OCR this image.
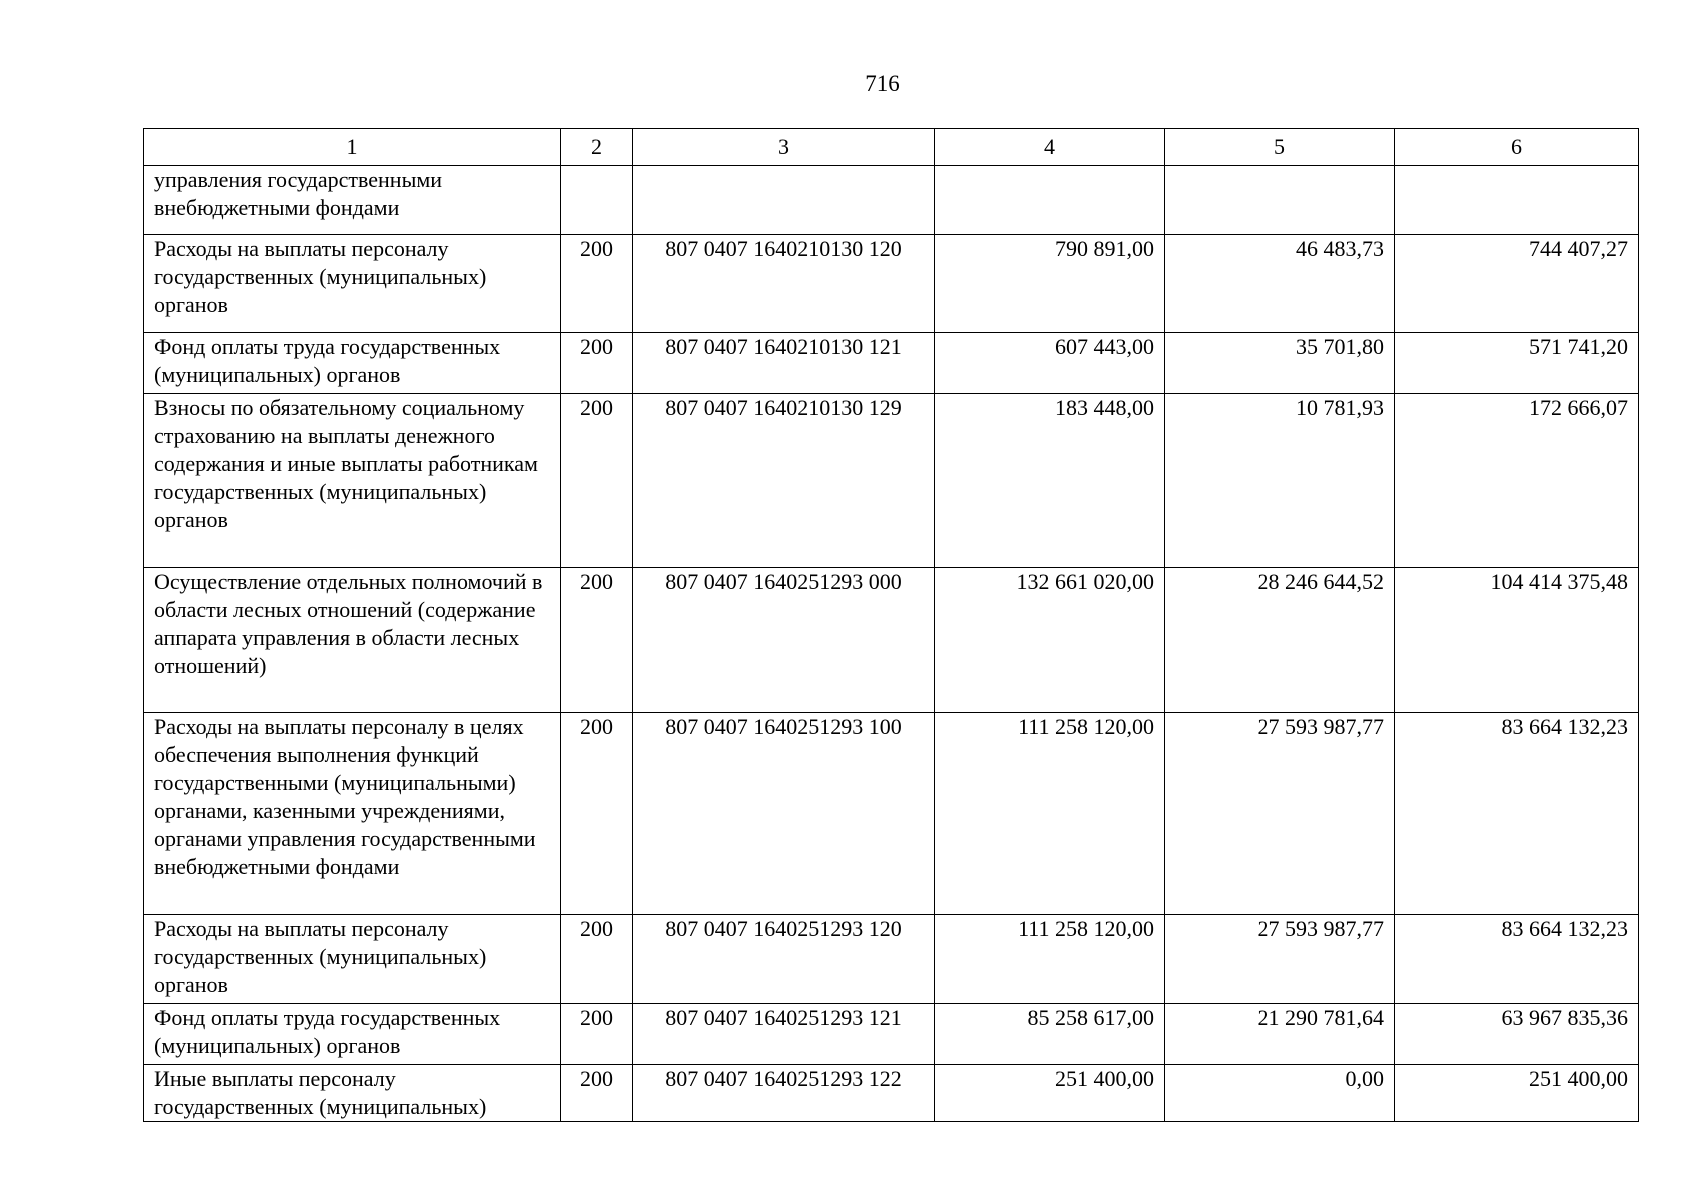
716
1	2	3	4	5	6
управления государственными внебюджетными фондами					
Расходы на выплаты персоналу государственных (муниципальных) органов	200	807 0407 1640210130 120	790 891,00	46 483,73	744 407,27
Фонд оплаты труда государственных (муниципальных) органов	200	807 0407 1640210130 121	607 443,00	35 701,80	571 741,20
Взносы по обязательному социальному страхованию на выплаты денежного содержания и иные выплаты работникам государственных (муниципальных) органов	200	807 0407 1640210130 129	183 448,00	10 781,93	172 666,07
Осуществление отдельных полномочий в области лесных отношений (содержание аппарата управления в области лесных отношений)	200	807 0407 1640251293 000	132 661 020,00	28 246 644,52	104 414 375,48
Расходы на выплаты персоналу в целях обеспечения выполнения функций государственными (муниципальными) органами, казенными учреждениями, органами управления государственными внебюджетными фондами	200	807 0407 1640251293 100	111 258 120,00	27 593 987,77	83 664 132,23
Расходы на выплаты персоналу государственных (муниципальных) органов	200	807 0407 1640251293 120	111 258 120,00	27 593 987,77	83 664 132,23
Фонд оплаты труда государственных (муниципальных) органов	200	807 0407 1640251293 121	85 258 617,00	21 290 781,64	63 967 835,36
Иные выплаты персоналу государственных (муниципальных)	200	807 0407 1640251293 122	251 400,00	0,00	251 400,00
